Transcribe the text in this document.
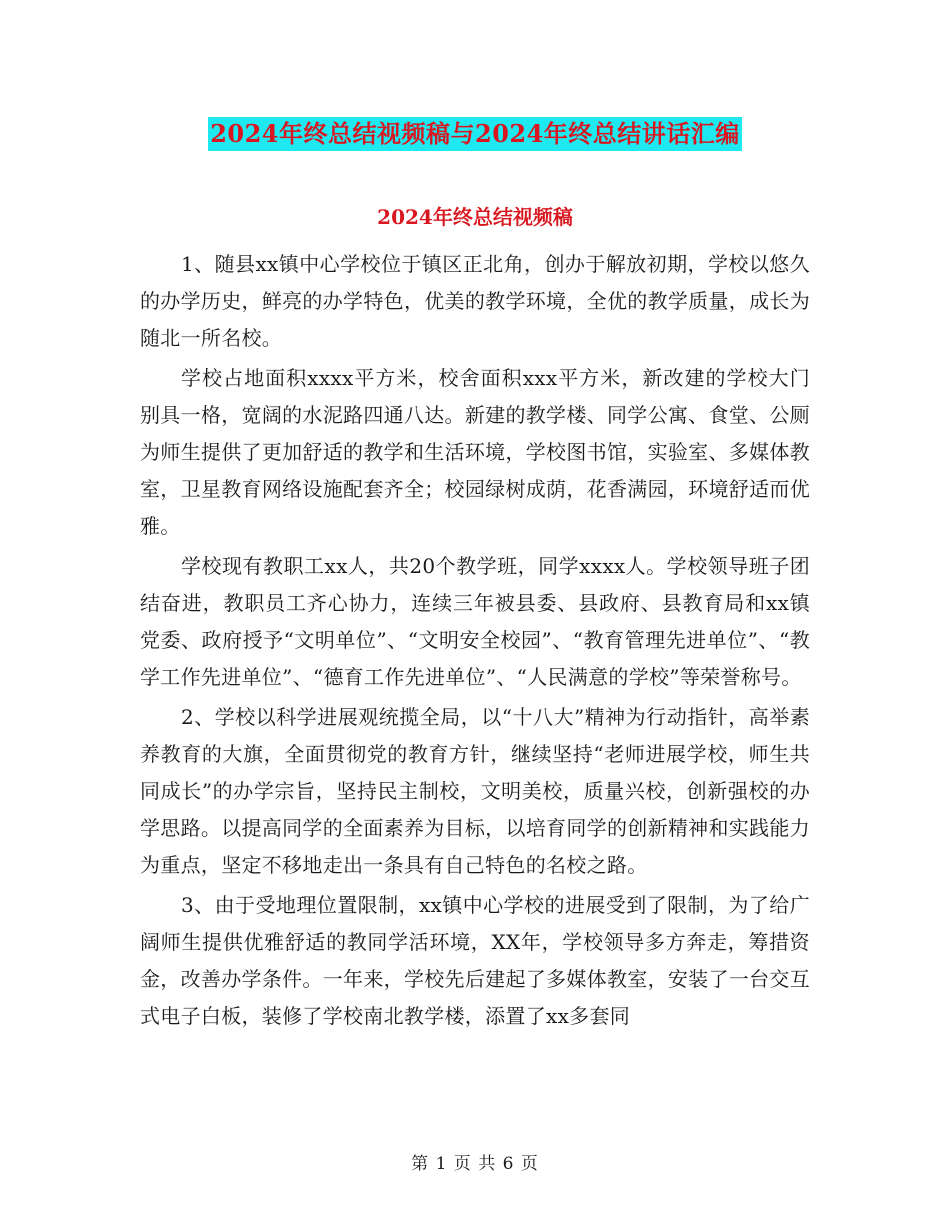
2024年终总结视频稿与2024年终总结讲话汇编
2024年终总结视频稿

1、随县xx镇中心学校位于镇区正北角，创办于解放初期，学校以悠久的办学历史，鲜亮的办学特色，优美的教学环境，全优的教学质量，成长为随北一所名校。

学校占地面积xxxx平方米，校舍面积xxx平方米，新改建的学校大门别具一格，宽阔的水泥路四通八达。新建的教学楼、同学公寓、食堂、公厕为师生提供了更加舒适的教学和生活环境，学校图书馆，实验室、多媒体教室，卫星教育网络设施配套齐全；校园绿树成荫，花香满园，环境舒适而优雅。

学校现有教职工xx人，共20个教学班，同学xxxx人。学校领导班子团结奋进，教职员工齐心协力，连续三年被县委、县政府、县教育局和xx镇党委、政府授予“文明单位”、“文明安全校园”、“教育管理先进单位”、“教学工作先进单位”、“德育工作先进单位”、“人民满意的学校”等荣誉称号。

2、学校以科学进展观统揽全局，以“十八大”精神为行动指针，高举素养教育的大旗，全面贯彻党的教育方针，继续坚持“老师进展学校，师生共同成长”的办学宗旨，坚持民主制校，文明美校，质量兴校，创新强校的办学思路。以提高同学的全面素养为目标，以培育同学的创新精神和实践能力为重点，坚定不移地走出一条具有自己特色的名校之路。

3、由于受地理位置限制，xx镇中心学校的进展受到了限制，为了给广阔师生提供优雅舒适的教同学活环境，XX年，学校领导多方奔走，筹措资金，改善办学条件。一年来，学校先后建起了多媒体教室，安装了一台交互式电子白板，装修了学校南北教学楼，添置了xx多套同

第 1 页 共 6 页
